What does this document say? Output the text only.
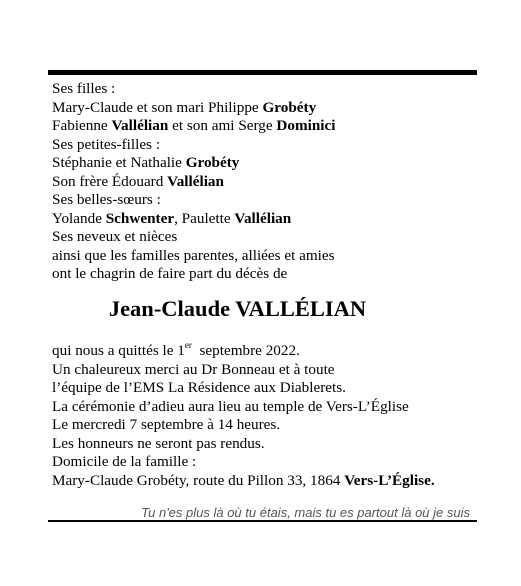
Ses filles :
Mary-Claude et son mari Philippe Grobéty
Fabienne Vallélian et son ami Serge Dominici
Ses petites-filles :
Stéphanie et Nathalie Grobéty
Son frère Édouard Vallélian
Ses belles-sœurs :
Yolande Schwenter, Paulette Vallélian
Ses neveux et nièces
ainsi que les familles parentes, alliées et amies
ont le chagrin de faire part du décès de
Jean-Claude VALLÉLIAN
qui nous a quittés le 1er  septembre 2022.
Un chaleureux merci au Dr Bonneau et à toute
l’équipe de l’EMS La Résidence aux Diablerets.
La cérémonie d’adieu aura lieu au temple de Vers-L’Église
Le mercredi 7 septembre à 14 heures.
Les honneurs ne seront pas rendus.
Domicile de la famille :
Mary-Claude Grobéty, route du Pillon 33, 1864 Vers-L’Église.
Tu n'es plus là où tu étais, mais tu es partout là où je suis
